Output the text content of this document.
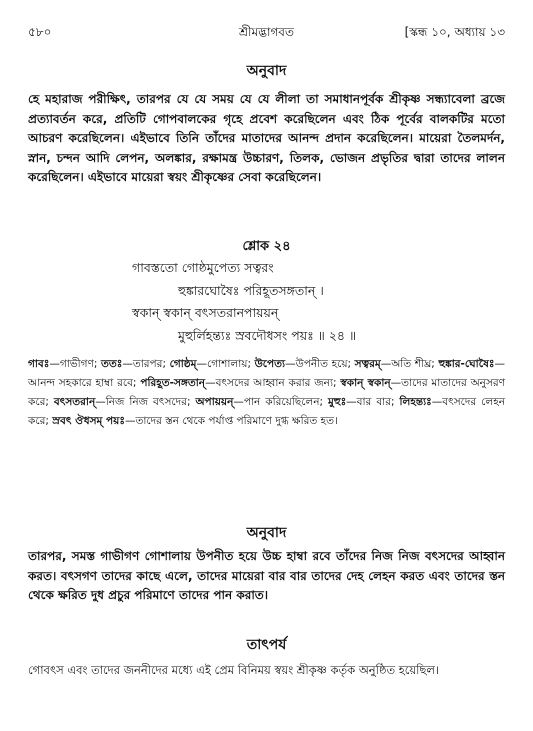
৫৮০	শ্রীমদ্ভাগবত	[স্কন্ধ ১০, অধ্যায় ১৩
অনুবাদ

হে মহারাজ পরীক্ষিৎ, তারপর যে যে সময় যে যে লীলা তা সমাধানপূর্বক শ্রীকৃষ্ণ সন্ধ্যাবেলা ব্রজে প্রত্যাবর্তন করে, প্রতিটি গোপবালকের গৃহে প্রবেশ করেছিলেন এবং ঠিক পূর্বের বালকটির মতো আচরণ করেছিলেন। এইভাবে তিনি তাঁদের মাতাদের আনন্দ প্রদান করেছিলেন। মায়েরা তৈলমর্দন, স্নান, চন্দন আদি লেপন, অলঙ্কার, রক্ষামন্ত্র উচ্চারণ, তিলক, ভোজন প্রভৃতির দ্বারা তাদের লালন করেছিলেন। এইভাবে মায়েরা স্বয়ং শ্রীকৃষ্ণের সেবা করেছিলেন।

শ্লোক ২৪
গাবস্ততো গোষ্ঠমুপেত্য সত্বরং
হুঙ্কারঘোষৈঃ পরিহূতসঙ্গতান্‌ ।
স্বকান্‌ স্বকান্‌ বৎসতরানপায়য়ন্‌
মুহুর্লিহন্ত্যঃ স্রবদৌধসং পয়ঃ ॥ ২৪ ॥

গাবঃ—গাভীগণ; ততঃ—তারপর; গোষ্ঠম্‌—গোশালায়; উপেত্য—উপনীত হয়ে; সত্বরম্‌—অতি শীঘ্র; হুঙ্কার-ঘোষৈঃ—আনন্দ সহকারে হাম্বা রবে; পরিহূত-সঙ্গতান্‌—বৎসদের আহ্বান করার জন্য; স্বকান্‌ স্বকান্‌—তাদের মাতাদের অনুসরণ করে; বৎসতরান্‌—নিজ নিজ বৎসদের; অপায়য়ন্‌—পান করিয়েছিলেন; মুহুঃ—বার বার; লিহন্ত্যঃ—বৎসদের লেহন করে; স্রবৎ ঔধসম্‌ পয়ঃ—তাদের স্তন থেকে পর্যাপ্ত পরিমাণে দুগ্ধ ক্ষরিত হত।

অনুবাদ

তারপর, সমস্ত গাভীগণ গোশালায় উপনীত হয়ে উচ্চ হাম্বা রবে তাঁদের নিজ নিজ বৎসদের আহ্বান করত। বৎসগণ তাদের কাছে এলে, তাদের মায়েরা বার বার তাদের দেহ লেহন করত এবং তাদের স্তন থেকে ক্ষরিত দুধ প্রচুর পরিমাণে তাদের পান করাত।

তাৎপর্য

গোবৎস এবং তাদের জননীদের মধ্যে এই প্রেম বিনিময় স্বয়ং শ্রীকৃষ্ণ কর্তৃক অনুষ্ঠিত হয়েছিল।
